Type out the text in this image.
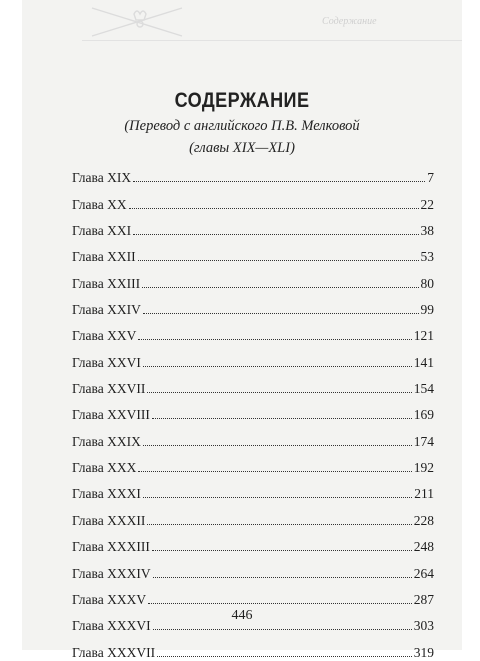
Содержание
СОДЕРЖАНИЕ
(Перевод с английского П.В. Мелковой
(главы XIX—XLI)
Глава XIX	7
Глава XX	22
Глава XXI	38
Глава XXII	53
Глава XXIII	80
Глава XXIV	99
Глава XXV	121
Глава XXVI	141
Глава XXVII	154
Глава XXVIII	169
Глава XXIX	174
Глава XXX	192
Глава XXXI	211
Глава XXXII	228
Глава XXXIII	248
Глава XXXIV	264
Глава XXXV	287
Глава XXXVI	303
Глава XXXVII	319
446
